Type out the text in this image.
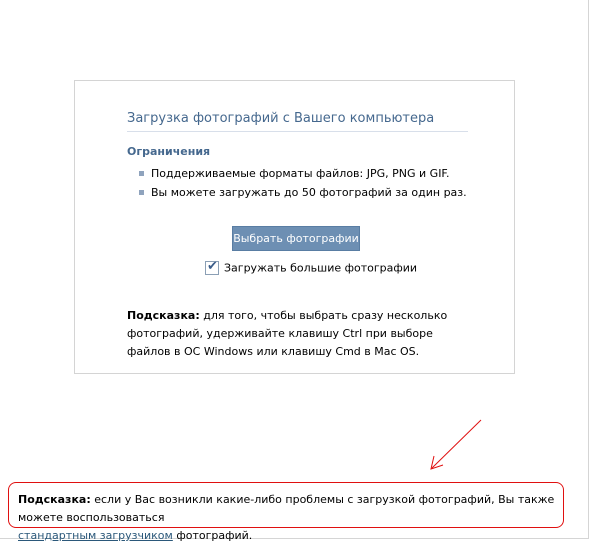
Загрузка фотографий с Вашего компьютера
Ограничения
Поддерживаемые форматы файлов: JPG, PNG и GIF.
Вы можете загружать до 50 фотографий за один раз.
Выбрать фотографии
✔ Загружать большие фотографии
Подсказка: для того, чтобы выбрать сразу несколько фотографий, удерживайте клавишу Ctrl при выборе файлов в ОС Windows или клавишу Cmd в Mac OS.
Подсказка: если у Вас возникли какие-либо проблемы с загрузкой фотографий, Вы также можете воспользоваться
стандартным загрузчиком фотографий.
